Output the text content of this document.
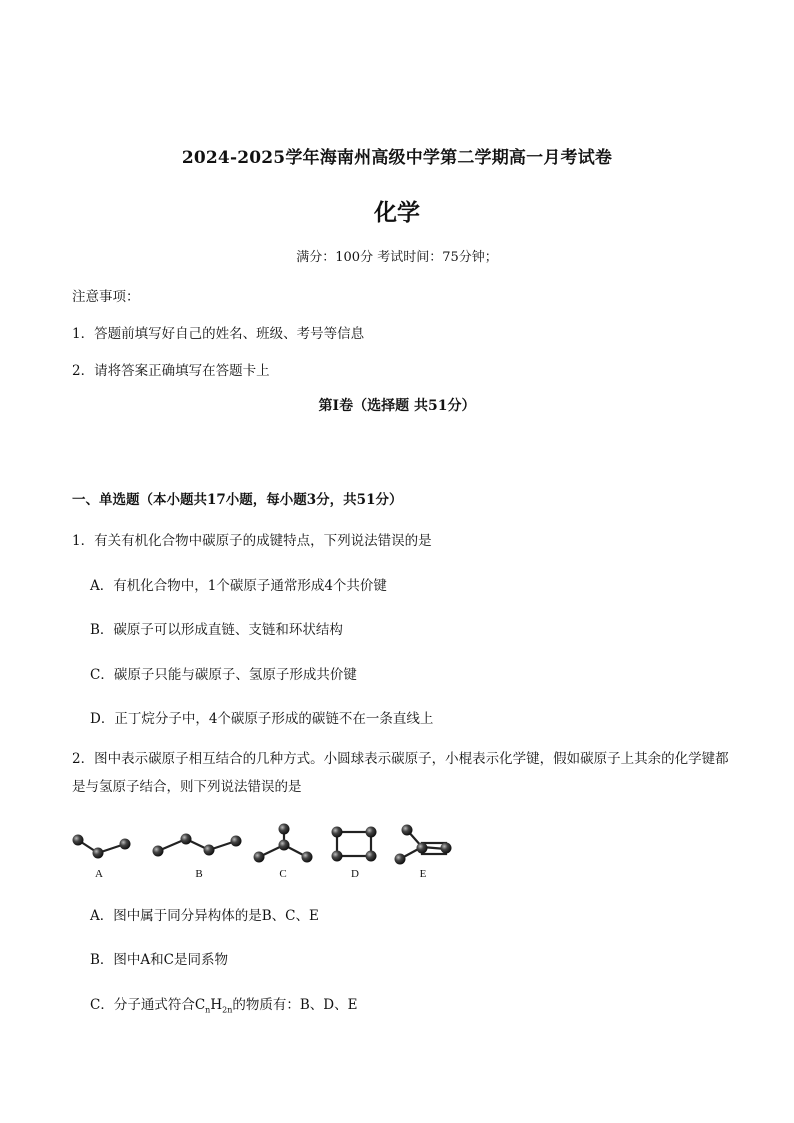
2024-2025学年海南州高级中学第二学期高一月考试卷
化学
满分：100分 考试时间：75分钟；
注意事项：
1．答题前填写好自己的姓名、班级、考号等信息
2．请将答案正确填写在答题卡上
第I卷（选择题 共51分）
一、单选题（本小题共17小题，每小题3分，共51分）
1．有关有机化合物中碳原子的成键特点，下列说法错误的是
A．有机化合物中，1个碳原子通常形成4个共价键
B．碳原子可以形成直链、支链和环状结构
C．碳原子只能与碳原子、氢原子形成共价键
D．正丁烷分子中，4个碳原子形成的碳链不在一条直线上
2．图中表示碳原子相互结合的几种方式。小圆球表示碳原子，小棍表示化学键，假如碳原子上其余的化学键都是与氢原子结合，则下列说法错误的是
A	B	C	D	E
A．图中属于同分异构体的是B、C、E
B．图中A和C是同系物
C．分子通式符合$C_nH_{2n}$的物质有：B、D、E
